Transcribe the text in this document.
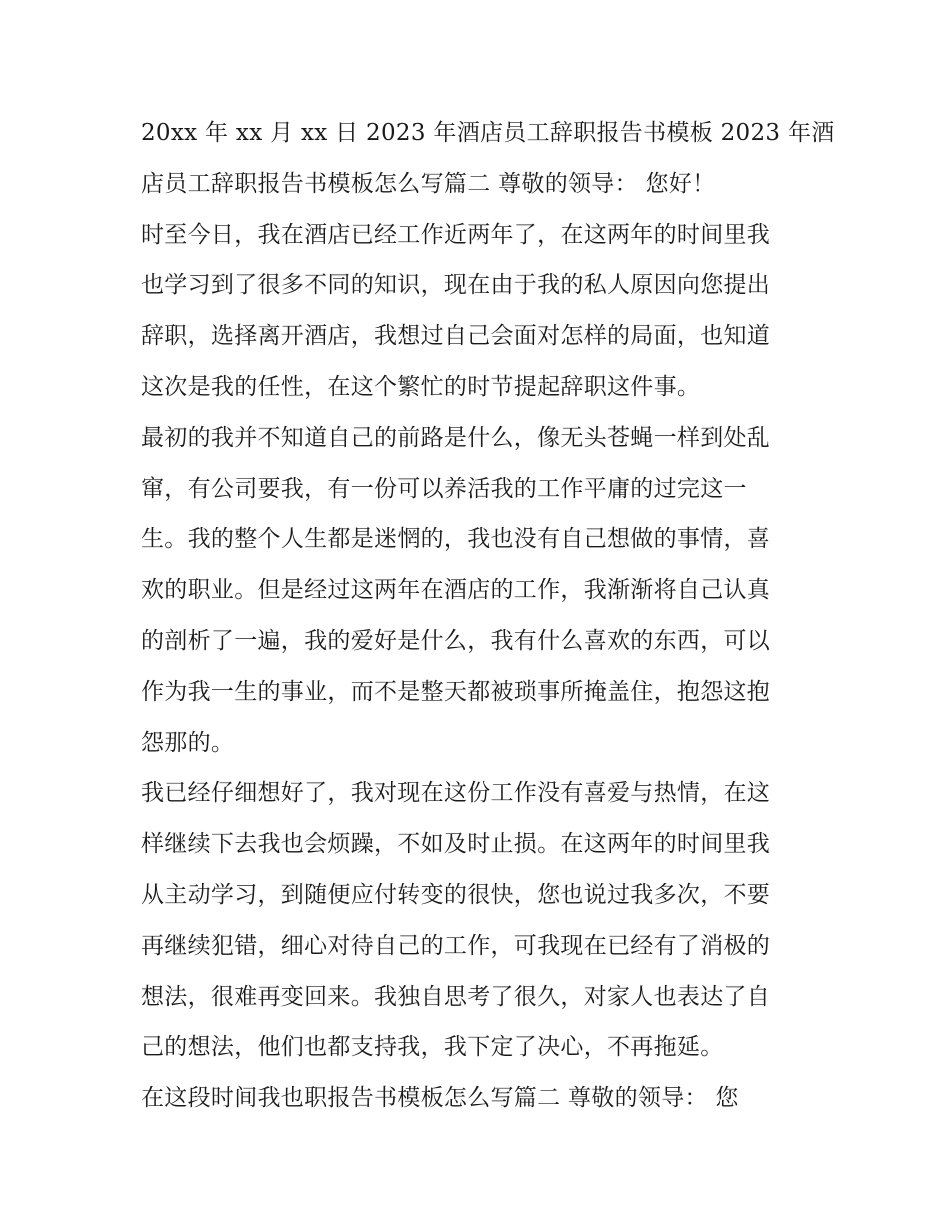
20xx 年 xx 月 xx 日 2023 年酒店员工辞职报告书模板 2023 年酒
店员工辞职报告书模板怎么写篇二 尊敬的领导： 您好！
时至今日，我在酒店已经工作近两年了，在这两年的时间里我
也学习到了很多不同的知识，现在由于我的私人原因向您提出
辞职，选择离开酒店，我想过自己会面对怎样的局面，也知道
这次是我的任性，在这个繁忙的时节提起辞职这件事。
最初的我并不知道自己的前路是什么，像无头苍蝇一样到处乱
窜，有公司要我，有一份可以养活我的工作平庸的过完这一
生。我的整个人生都是迷惘的，我也没有自己想做的事情，喜
欢的职业。但是经过这两年在酒店的工作，我渐渐将自己认真
的剖析了一遍，我的爱好是什么，我有什么喜欢的东西，可以
作为我一生的事业，而不是整天都被琐事所掩盖住，抱怨这抱
怨那的。
我已经仔细想好了，我对现在这份工作没有喜爱与热情，在这
样继续下去我也会烦躁，不如及时止损。在这两年的时间里我
从主动学习，到随便应付转变的很快，您也说过我多次，不要
再继续犯错，细心对待自己的工作，可我现在已经有了消极的
想法，很难再变回来。我独自思考了很久，对家人也表达了自
己的想法，他们也都支持我，我下定了决心，不再拖延。
在这段时间我也职报告书模板怎么写篇二 尊敬的领导： 您
